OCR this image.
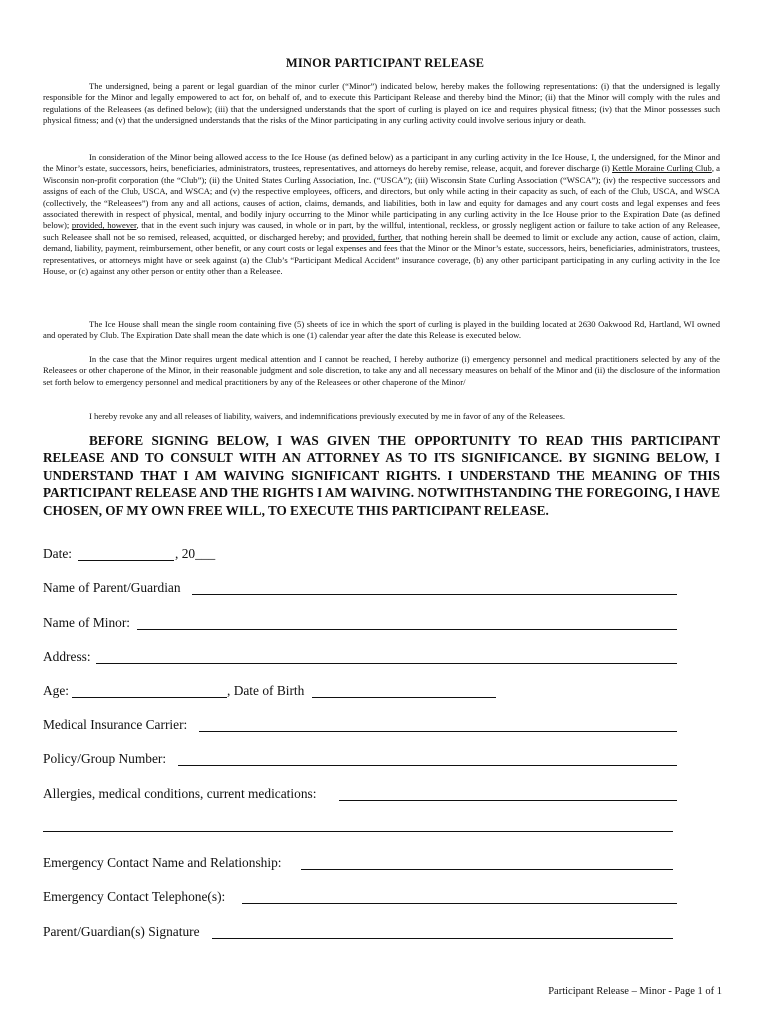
MINOR PARTICIPANT RELEASE

The undersigned, being a parent or legal guardian of the minor curler (“Minor”) indicated below, hereby makes the following representations: (i) that the undersigned is legally responsible for the Minor and legally empowered to act for, on behalf of, and to execute this Participant Release and thereby bind the Minor; (ii) that the Minor will comply with the rules and regulations of the Releasees (as defined below); (iii) that the undersigned understands that the sport of curling is played on ice and requires physical fitness; (iv) that the Minor possesses such physical fitness; and (v) that the undersigned understands that the risks of the Minor participating in any curling activity could involve serious injury or death.

In consideration of the Minor being allowed access to the Ice House (as defined below) as a participant in any curling activity in the Ice House, I, the undersigned, for the Minor and the Minor’s estate, successors, heirs, beneficiaries, administrators, trustees, representatives, and attorneys do hereby remise, release, acquit, and forever discharge (i) Kettle Moraine Curling Club, a Wisconsin non-profit corporation (the “Club”); (ii) the United States Curling Association, Inc. (“USCA”); (iii) Wisconsin State Curling Association (“WSCA”); (iv) the respective successors and assigns of each of the Club, USCA, and WSCA; and (v) the respective employees, officers, and directors, but only while acting in their capacity as such, of each of the Club, USCA, and WSCA (collectively, the “Releasees”) from any and all actions, causes of action, claims, demands, and liabilities, both in law and equity for damages and any court costs and legal expenses and fees associated therewith in respect of physical, mental, and bodily injury occurring to the Minor while participating in any curling activity in the Ice House prior to the Expiration Date (as defined below); provided, however, that in the event such injury was caused, in whole or in part, by the willful, intentional, reckless, or grossly negligent action or failure to take action of any Releasee, such Releasee shall not be so remised, released, acquitted, or discharged hereby; and provided, further, that nothing herein shall be deemed to limit or exclude any action, cause of action, claim, demand, liability, payment, reimbursement, other benefit, or any court costs or legal expenses and fees that the Minor or the Minor’s estate, successors, heirs, beneficiaries, administrators, trustees, representatives, or attorneys might have or seek against (a) the Club’s “Participant Medical Accident” insurance coverage, (b) any other participant participating in any curling activity in the Ice House, or (c) against any other person or entity other than a Releasee.

The Ice House shall mean the single room containing five (5) sheets of ice in which the sport of curling is played in the building located at 2630 Oakwood Rd, Hartland, WI owned and operated by Club. The Expiration Date shall mean the date which is one (1) calendar year after the date this Release is executed below.

In the case that the Minor requires urgent medical attention and I cannot be reached, I hereby authorize (i) emergency personnel and medical practitioners selected by any of the Releasees or other chaperone of the Minor, in their reasonable judgment and sole discretion, to take any and all necessary measures on behalf of the Minor and (ii) the disclosure of the information set forth below to emergency personnel and medical practitioners by any of the Releasees or other chaperone of the Minor/

I hereby revoke any and all releases of liability, waivers, and indemnifications previously executed by me in favor of any of the Releasees.

BEFORE SIGNING BELOW, I WAS GIVEN THE OPPORTUNITY TO READ THIS PARTICIPANT RELEASE AND TO CONSULT WITH AN ATTORNEY AS TO ITS SIGNIFICANCE. BY SIGNING BELOW, I UNDERSTAND THAT I AM WAIVING SIGNIFICANT RIGHTS. I UNDERSTAND THE MEANING OF THIS PARTICIPANT RELEASE AND THE RIGHTS I AM WAIVING. NOTWITHSTANDING THE FOREGOING, I HAVE CHOSEN, OF MY OWN FREE WILL, TO EXECUTE THIS PARTICIPANT RELEASE.

Date:	, 20___
Name of Parent/Guardian
Name of Minor:
Address:
Age:	, Date of Birth
Medical Insurance Carrier:
Policy/Group Number:
Allergies, medical conditions, current medications:
Emergency Contact Name and Relationship:
Emergency Contact Telephone(s):
Parent/Guardian(s) Signature
Participant Release – Minor - Page 1 of 1
